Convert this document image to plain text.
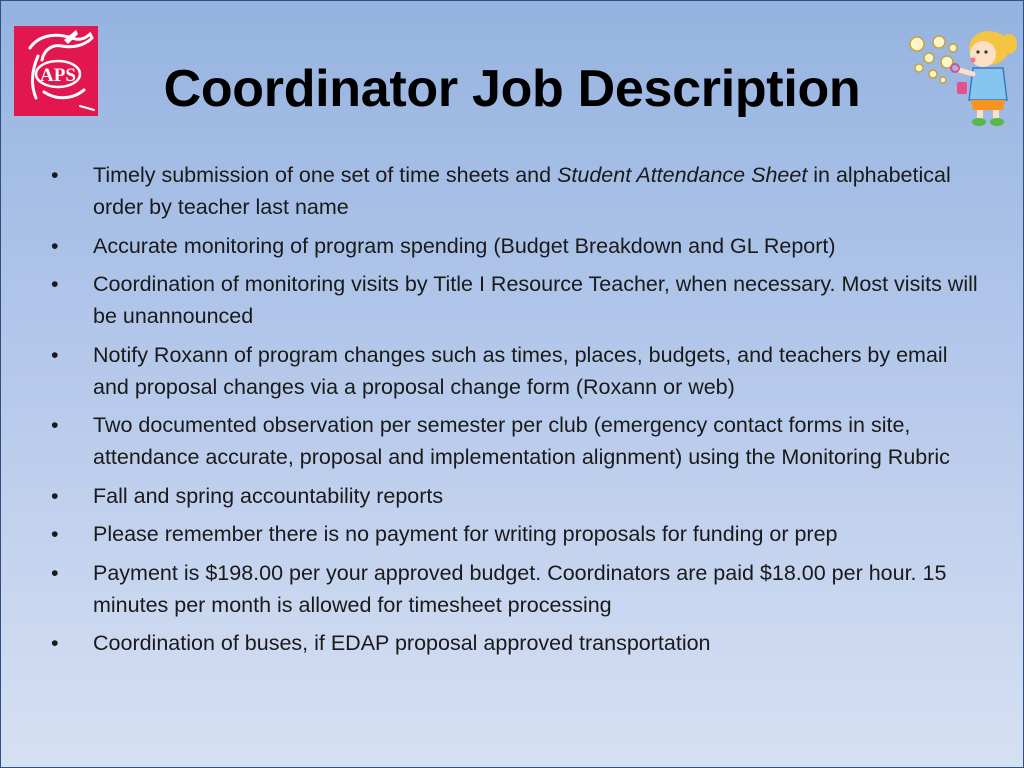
APS	Coordinator Job Description
•	Timely submission of one set of time sheets and Student Attendance Sheet in alphabetical order by teacher last name
•	Accurate monitoring of program spending (Budget Breakdown and GL Report)
•	Coordination of monitoring visits by Title I Resource Teacher, when necessary. Most visits will be unannounced
•	Notify Roxann of program changes such as times, places, budgets, and teachers by email and proposal changes via a proposal change form (Roxann or web)
•	Two documented observation per semester per club (emergency contact forms in site, attendance accurate, proposal and implementation alignment) using the Monitoring Rubric
•	Fall and spring accountability reports
•	Please remember there is no payment for writing proposals for funding or prep
•	Payment is $198.00 per your approved budget. Coordinators are paid $18.00 per hour. 15 minutes per month is allowed for timesheet processing
•	Coordination of buses, if EDAP proposal approved transportation
